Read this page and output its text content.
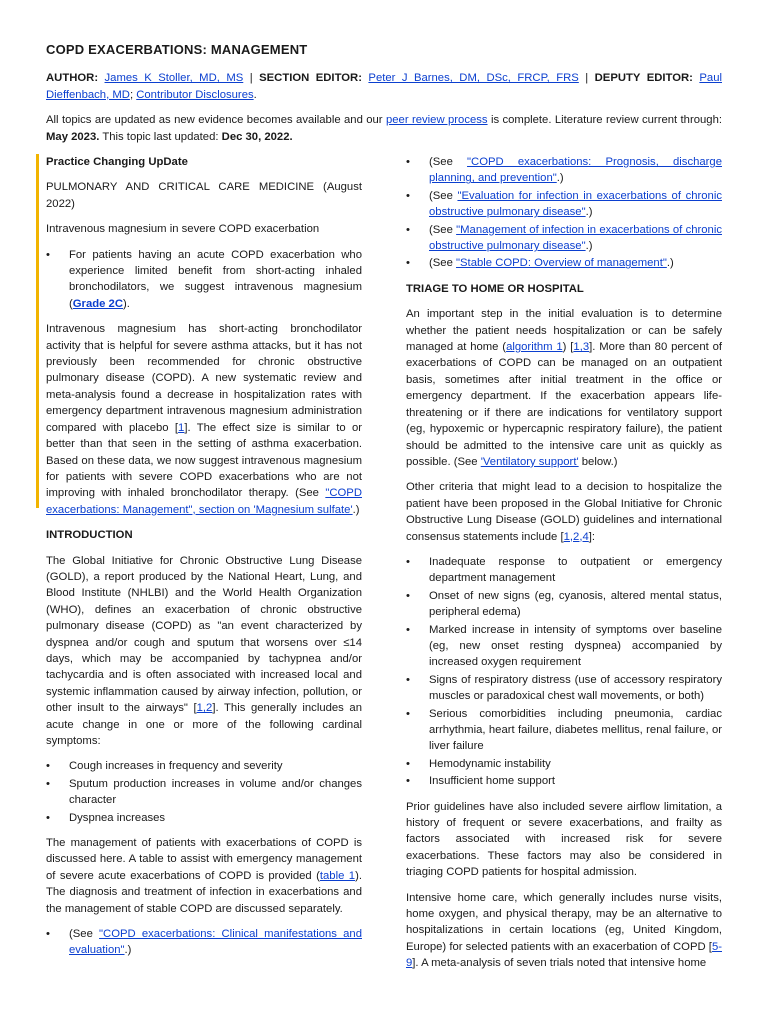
COPD EXACERBATIONS: MANAGEMENT
AUTHOR: James K Stoller, MD, MS | SECTION EDITOR: Peter J Barnes, DM, DSc, FRCP, FRS | DEPUTY EDITOR: Paul Dieffenbach, MD; Contributor Disclosures.
All topics are updated as new evidence becomes available and our peer review process is complete. Literature review current through: May 2023. This topic last updated: Dec 30, 2022.

Practice Changing UpDate

PULMONARY AND CRITICAL CARE MEDICINE (August 2022)

Intravenous magnesium in severe COPD exacerbation

• For patients having an acute COPD exacerbation who experience limited benefit from short-acting inhaled bronchodilators, we suggest intravenous magnesium (Grade 2C).

Intravenous magnesium has short-acting bronchodilator activity that is helpful for severe asthma attacks, but it has not previously been recommended for chronic obstructive pulmonary disease (COPD). A new systematic review and meta-analysis found a decrease in hospitalization rates with emergency department intravenous magnesium administration compared with placebo [1]. The effect size is similar to or better than that seen in the setting of asthma exacerbation. Based on these data, we now suggest intravenous magnesium for patients with severe COPD exacerbations who are not improving with inhaled bronchodilator therapy. (See "COPD exacerbations: Management", section on 'Magnesium sulfate'.)

INTRODUCTION

The Global Initiative for Chronic Obstructive Lung Disease (GOLD), a report produced by the National Heart, Lung, and Blood Institute (NHLBI) and the World Health Organization (WHO), defines an exacerbation of chronic obstructive pulmonary disease (COPD) as "an event characterized by dyspnea and/or cough and sputum that worsens over ≤14 days, which may be accompanied by tachypnea and/or tachycardia and is often associated with increased local and systemic inflammation caused by airway infection, pollution, or other insult to the airways" [1,2]. This generally includes an acute change in one or more of the following cardinal symptoms:

• Cough increases in frequency and severity
• Sputum production increases in volume and/or changes character
• Dyspnea increases

The management of patients with exacerbations of COPD is discussed here. A table to assist with emergency management of severe acute exacerbations of COPD is provided (table 1). The diagnosis and treatment of infection in exacerbations and the management of stable COPD are discussed separately.

• (See "COPD exacerbations: Clinical manifestations and evaluation".)
• (See "COPD exacerbations: Prognosis, discharge planning, and prevention".)
• (See "Evaluation for infection in exacerbations of chronic obstructive pulmonary disease".)
• (See "Management of infection in exacerbations of chronic obstructive pulmonary disease".)
• (See "Stable COPD: Overview of management".)

TRIAGE TO HOME OR HOSPITAL

An important step in the initial evaluation is to determine whether the patient needs hospitalization or can be safely managed at home (algorithm 1) [1,3]. More than 80 percent of exacerbations of COPD can be managed on an outpatient basis, sometimes after initial treatment in the office or emergency department. If the exacerbation appears life-threatening or if there are indications for ventilatory support (eg, hypoxemic or hypercapnic respiratory failure), the patient should be admitted to the intensive care unit as quickly as possible. (See 'Ventilatory support' below.)

Other criteria that might lead to a decision to hospitalize the patient have been proposed in the Global Initiative for Chronic Obstructive Lung Disease (GOLD) guidelines and international consensus statements include [1,2,4]:

• Inadequate response to outpatient or emergency department management
• Onset of new signs (eg, cyanosis, altered mental status, peripheral edema)
• Marked increase in intensity of symptoms over baseline (eg, new onset resting dyspnea) accompanied by increased oxygen requirement
• Signs of respiratory distress (use of accessory respiratory muscles or paradoxical chest wall movements, or both)
• Serious comorbidities including pneumonia, cardiac arrhythmia, heart failure, diabetes mellitus, renal failure, or liver failure
• Hemodynamic instability
• Insufficient home support

Prior guidelines have also included severe airflow limitation, a history of frequent or severe exacerbations, and frailty as factors associated with increased risk for severe exacerbations. These factors may also be considered in triaging COPD patients for hospital admission.

Intensive home care, which generally includes nurse visits, home oxygen, and physical therapy, may be an alternative to hospitalizations in certain locations (eg, United Kingdom, Europe) for selected patients with an exacerbation of COPD [5-9]. A meta-analysis of seven trials noted that intensive home
